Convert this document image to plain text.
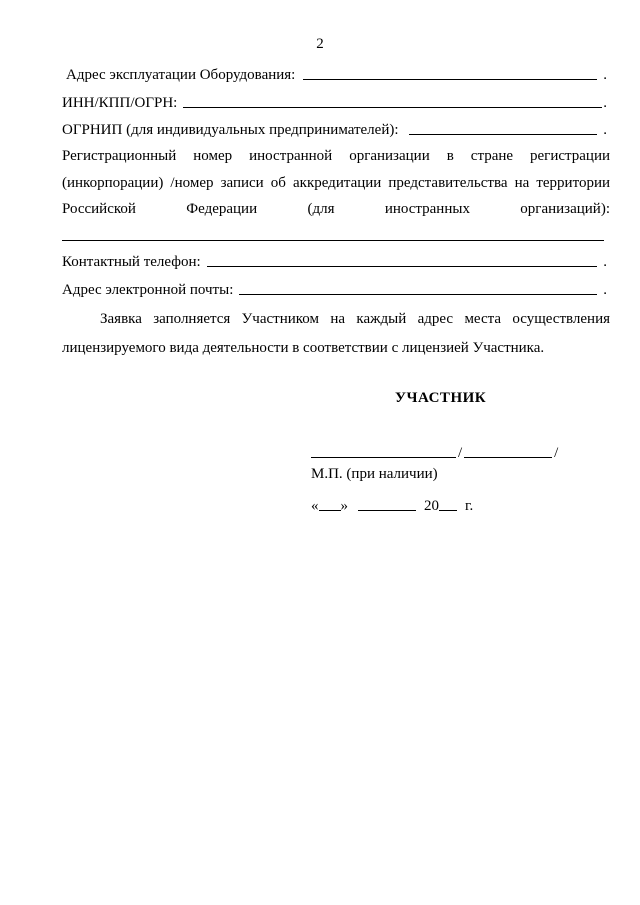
2
Адрес эксплуатации Оборудования:	.
ИНН/КПП/ОГРН:	.
ОГРНИП (для индивидуальных предпринимателей):	.
Регистрационный номер иностранной организации в стране регистрации
(инкорпорации) /номер записи об аккредитации представительства на территории
Российской Федерации (для иностранных организаций):
Контактный телефон:	.
Адрес электронной почты:	.
Заявка заполняется Участником на каждый адрес места осуществления
лицензируемого вида деятельности в соответствии с лицензией Участника.
УЧАСТНИК
/	/
М.П. (при наличии)
« »	20 г.
